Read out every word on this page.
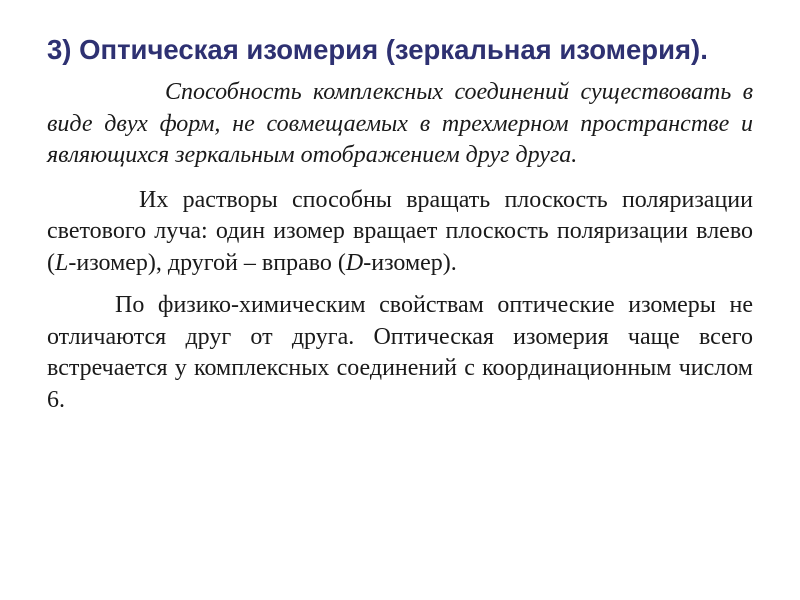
3) Оптическая изомерия (зеркальная изомерия).

Способность комплексных соединений существовать в виде двух форм, не совмещаемых в трехмерном пространстве и являющихся зеркальным отображением друг друга.

Их растворы способны вращать плоскость поляризации светового луча: один изомер вращает плоскость поляризации влево (L-изомер), другой – вправо (D-изомер).

По физико-химическим свойствам оптические изомеры не отличаются друг от друга. Оптическая изомерия чаще всего встречается у комплексных соединений с координационным числом 6.
